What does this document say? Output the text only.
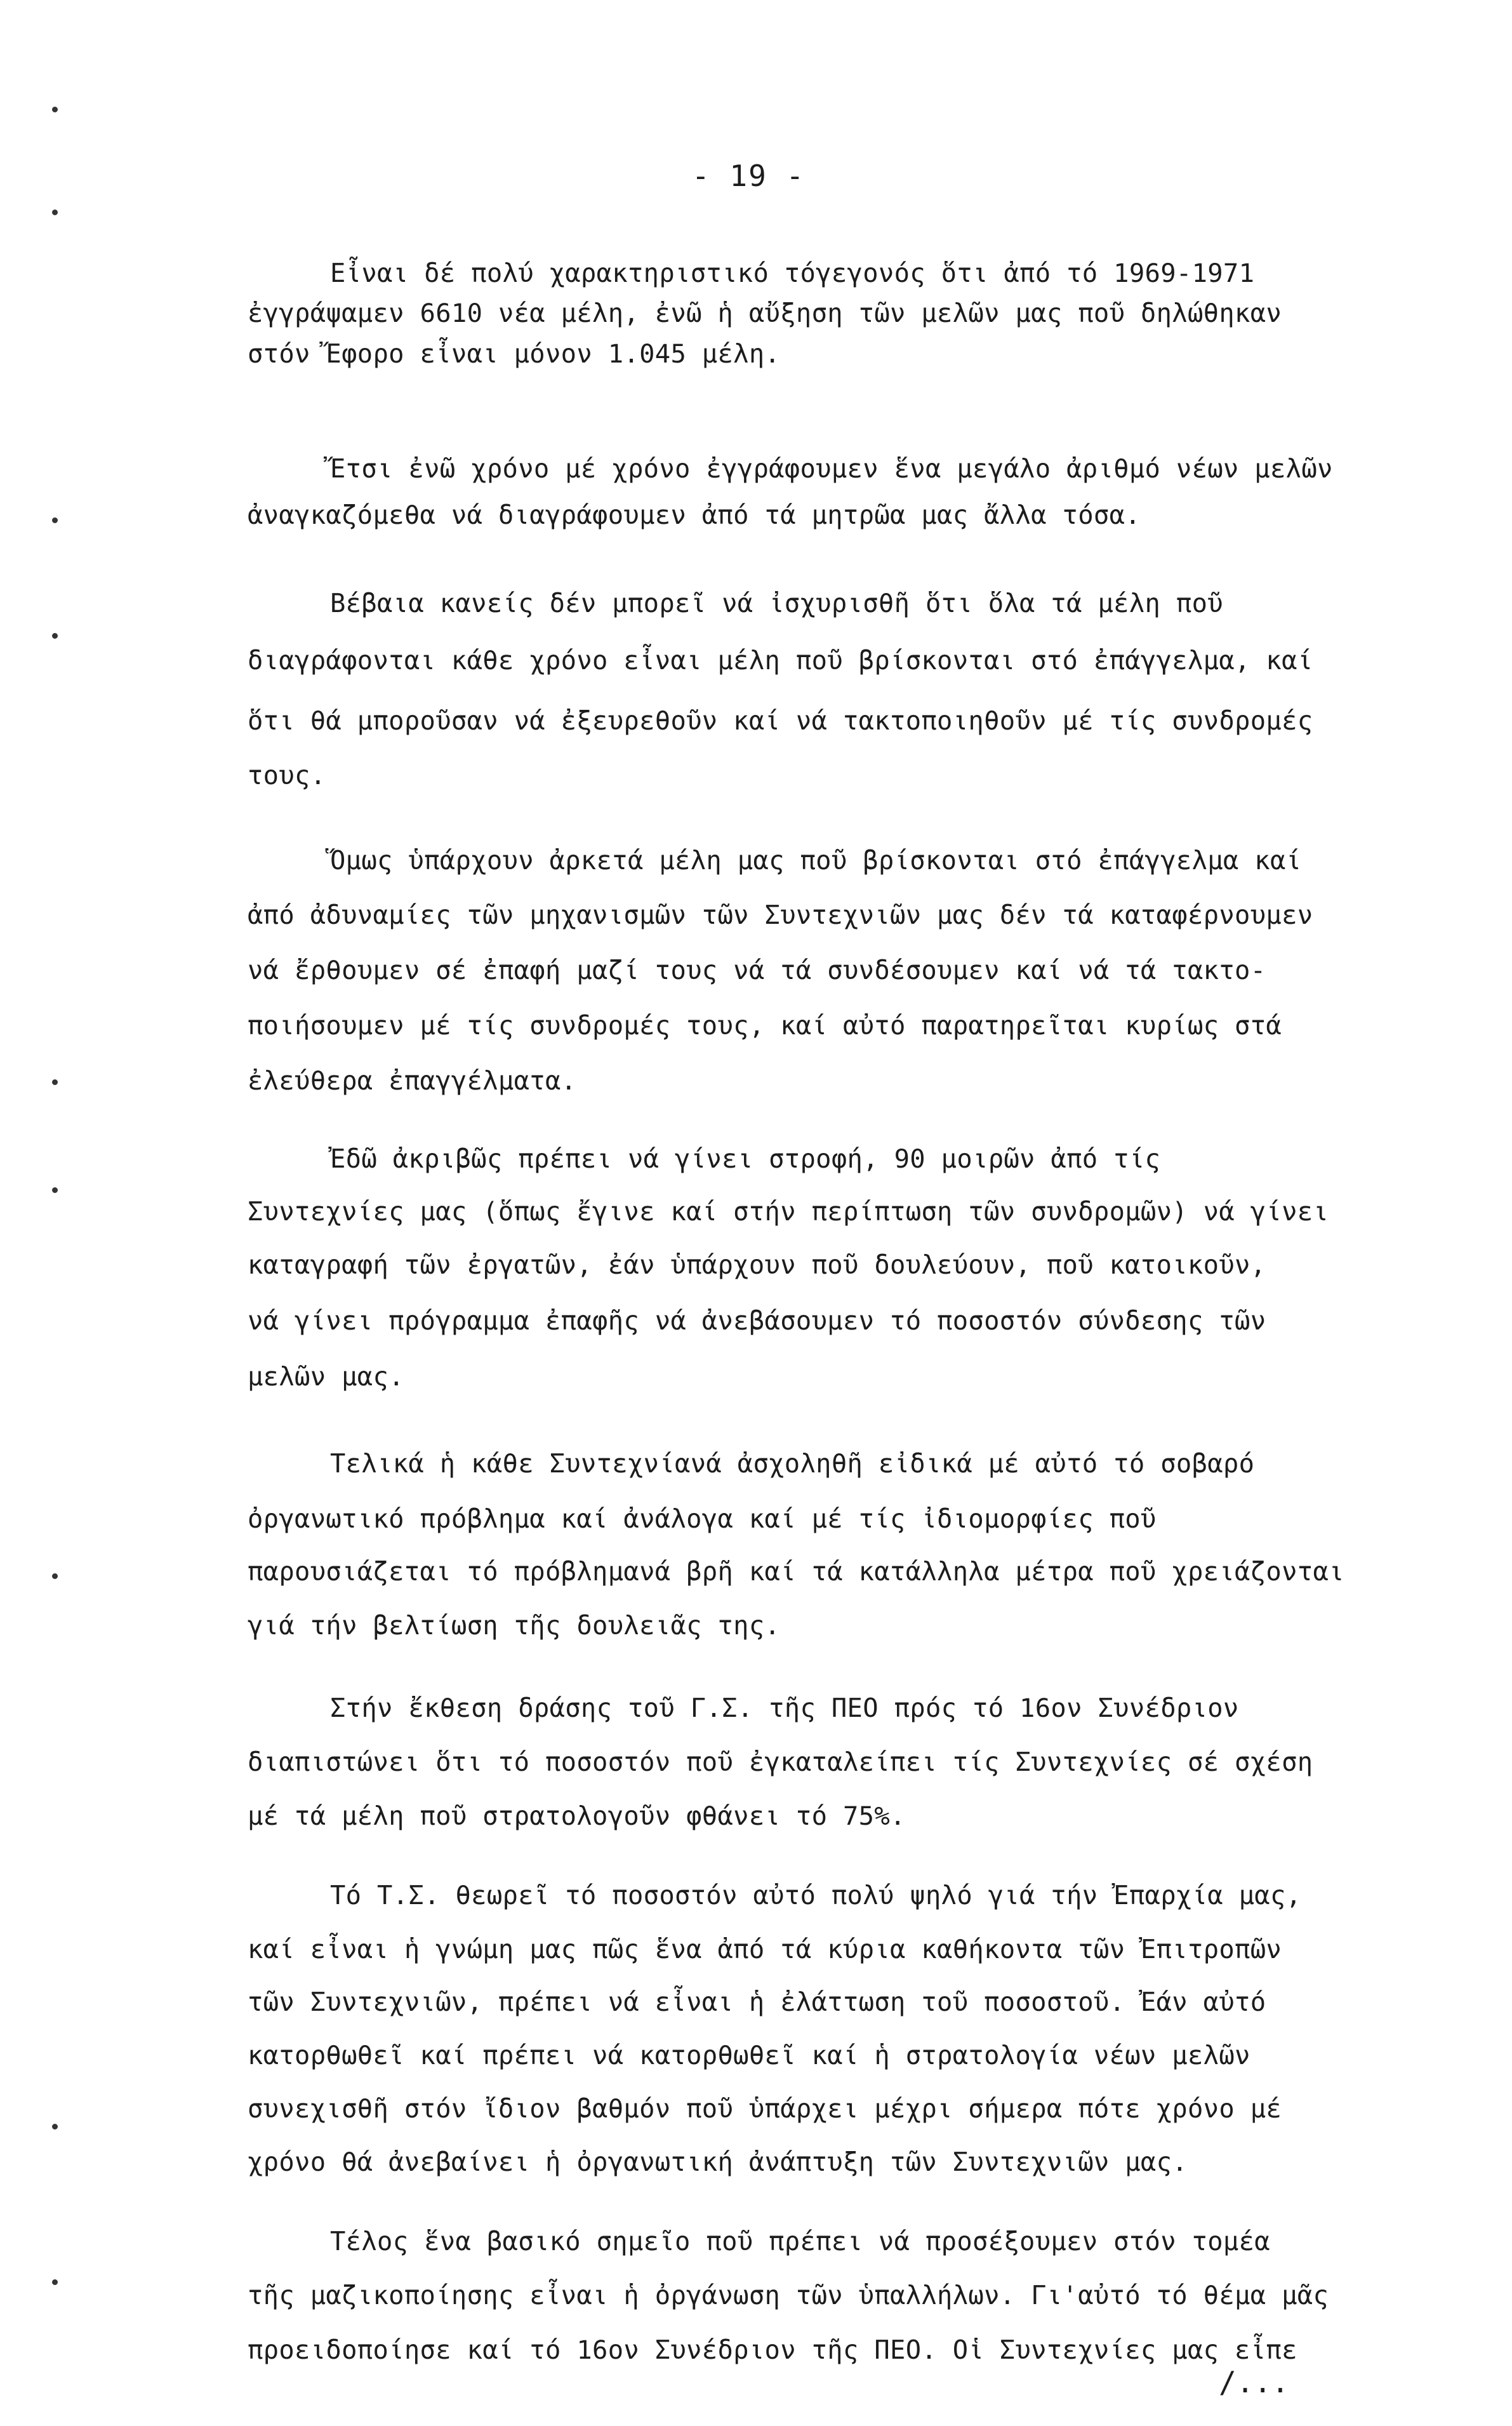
- 19 -
Εἶναι δέ πολύ χαρακτηριστικό τόγεγονός ὅτι ἀπό τό 1969-1971
ἐγγράψαμεν 6610 νέα μέλη, ἐνῶ ἡ αὔξηση τῶν μελῶν μας ποῦ δηλώθηκαν
στόν Ἔφορο εἶναι μόνον 1.045 μέλη.
Ἔτσι ἐνῶ χρόνο μέ χρόνο ἐγγράφουμεν ἕνα μεγάλο ἀριθμό νέων μελῶν
ἀναγκαζόμεθα νά διαγράφουμεν ἀπό τά μητρῶα μας ἄλλα τόσα.
Βέβαια κανείς δέν μπορεῖ νά ἰσχυρισθῆ ὅτι ὅλα τά μέλη ποῦ
διαγράφονται κάθε χρόνο εἶναι μέλη ποῦ βρίσκονται στό ἐπάγγελμα, καί
ὅτι θά μποροῦσαν νά ἐξευρεθοῦν καί νά τακτοποιηθοῦν μέ τίς συνδρομές
τους.
Ὅμως ὑπάρχουν ἀρκετά μέλη μας ποῦ βρίσκονται στό ἐπάγγελμα καί
ἀπό ἀδυναμίες τῶν μηχανισμῶν τῶν Συντεχνιῶν μας δέν τά καταφέρνουμεν
νά ἔρθουμεν σέ ἐπαφή μαζί τους νά τά συνδέσουμεν καί νά τά τακτο-
ποιήσουμεν μέ τίς συνδρομές τους, καί αὐτό παρατηρεῖται κυρίως στά
ἐλεύθερα ἐπαγγέλματα.
Ἐδῶ ἀκριβῶς πρέπει νά γίνει στροφή, 90 μοιρῶν ἀπό τίς
Συντεχνίες μας (ὅπως ἔγινε καί στήν περίπτωση τῶν συνδρομῶν) νά γίνει
καταγραφή τῶν ἐργατῶν, ἐάν ὑπάρχουν ποῦ δουλεύουν, ποῦ κατοικοῦν,
νά γίνει πρόγραμμα ἐπαφῆς νά ἀνεβάσουμεν τό ποσοστόν σύνδεσης τῶν
μελῶν μας.
Τελικά ἡ κάθε Συντεχνίανά ἀσχοληθῆ εἰδικά μέ αὐτό τό σοβαρό
ὀργανωτικό πρόβλημα καί ἀνάλογα καί μέ τίς ἰδιομορφίες ποῦ
παρουσιάζεται τό πρόβλημανά βρῆ καί τά κατάλληλα μέτρα ποῦ χρειάζονται
γιά τήν βελτίωση τῆς δουλειᾶς της.
Στήν ἔκθεση δράσης τοῦ Γ.Σ. τῆς ΠΕΟ πρός τό 16ον Συνέδριον
διαπιστώνει ὅτι τό ποσοστόν ποῦ ἐγκαταλείπει τίς Συντεχνίες σέ σχέση
μέ τά μέλη ποῦ στρατολογοῦν φθάνει τό 75%.
Τό Τ.Σ. θεωρεῖ τό ποσοστόν αὐτό πολύ ψηλό γιά τήν Ἐπαρχία μας,
καί εἶναι ἡ γνώμη μας πῶς ἕνα ἀπό τά κύρια καθήκοντα τῶν Ἐπιτροπῶν
τῶν Συντεχνιῶν, πρέπει νά εἶναι ἡ ἐλάττωση τοῦ ποσοστοῦ. Ἐάν αὐτό
κατορθωθεῖ καί πρέπει νά κατορθωθεῖ καί ἡ στρατολογία νέων μελῶν
συνεχισθῆ στόν ἴδιον βαθμόν ποῦ ὑπάρχει μέχρι σήμερα πότε χρόνο μέ
χρόνο θά ἀνεβαίνει ἡ ὀργανωτική ἀνάπτυξη τῶν Συντεχνιῶν μας.
Τέλος ἕνα βασικό σημεῖο ποῦ πρέπει νά προσέξουμεν στόν τομέα
τῆς μαζικοποίησης εἶναι ἡ ὀργάνωση τῶν ὑπαλλήλων. Γι'αὐτό τό θέμα μᾶς
προειδοποίησε καί τό 16ον Συνέδριον τῆς ΠΕΟ. Οἱ Συντεχνίες μας εἶπε
/...
